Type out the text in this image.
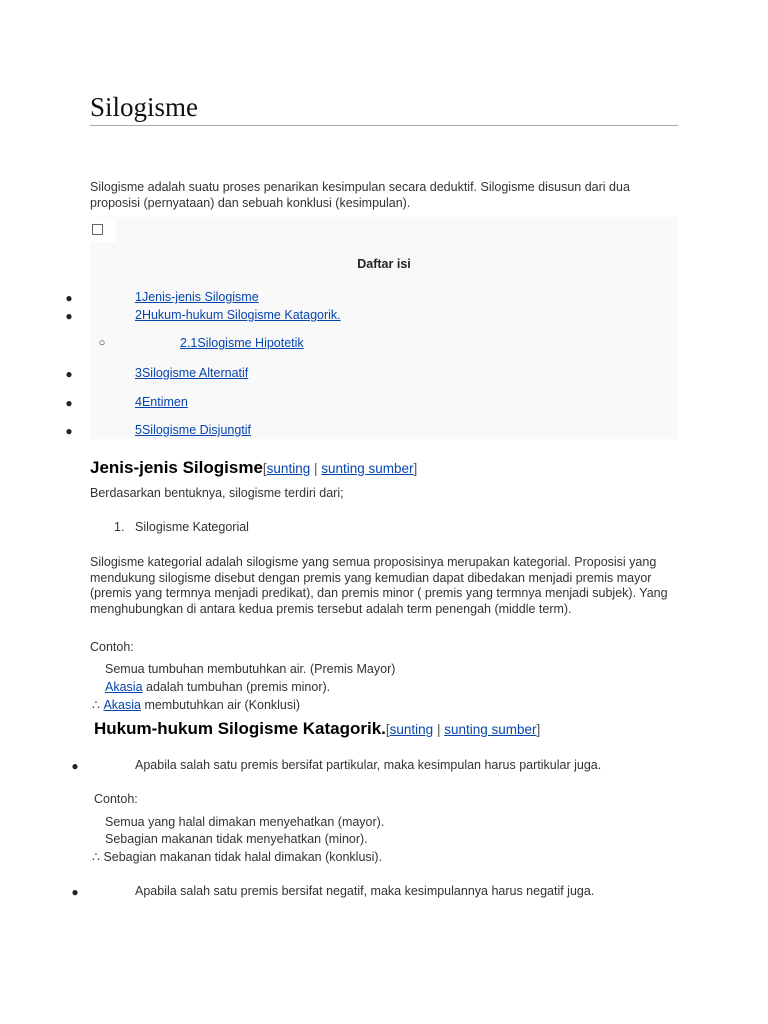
Silogisme
Silogisme adalah suatu proses penarikan kesimpulan secara deduktif. Silogisme disusun dari dua proposisi (pernyataan) dan sebuah konklusi (kesimpulan).
Daftar isi
●	1Jenis-jenis Silogisme
●	2Hukum-hukum Silogisme Katagorik.
○	2.1Silogisme Hipotetik
●	3Silogisme Alternatif
●	4Entimen
●	5Silogisme Disjungtif
Jenis-jenis Silogisme[sunting | sunting sumber]
Berdasarkan bentuknya, silogisme terdiri dari;
1. Silogisme Kategorial
Silogisme kategorial adalah silogisme yang semua proposisinya merupakan kategorial. Proposisi yang mendukung silogisme disebut dengan premis yang kemudian dapat dibedakan menjadi premis mayor (premis yang termnya menjadi predikat), dan premis minor ( premis yang termnya menjadi subjek). Yang menghubungkan di antara kedua premis tersebut adalah term penengah (middle term).
Contoh:
Semua tumbuhan membutuhkan air. (Premis Mayor)
Akasia adalah tumbuhan (premis minor).
∴ Akasia membutuhkan air (Konklusi)
Hukum-hukum Silogisme Katagorik.[sunting | sunting sumber]
●	Apabila salah satu premis bersifat partikular, maka kesimpulan harus partikular juga.
Contoh:
Semua yang halal dimakan menyehatkan (mayor).
Sebagian makanan tidak menyehatkan (minor).
∴ Sebagian makanan tidak halal dimakan (konklusi).
●	Apabila salah satu premis bersifat negatif, maka kesimpulannya harus negatif juga.
